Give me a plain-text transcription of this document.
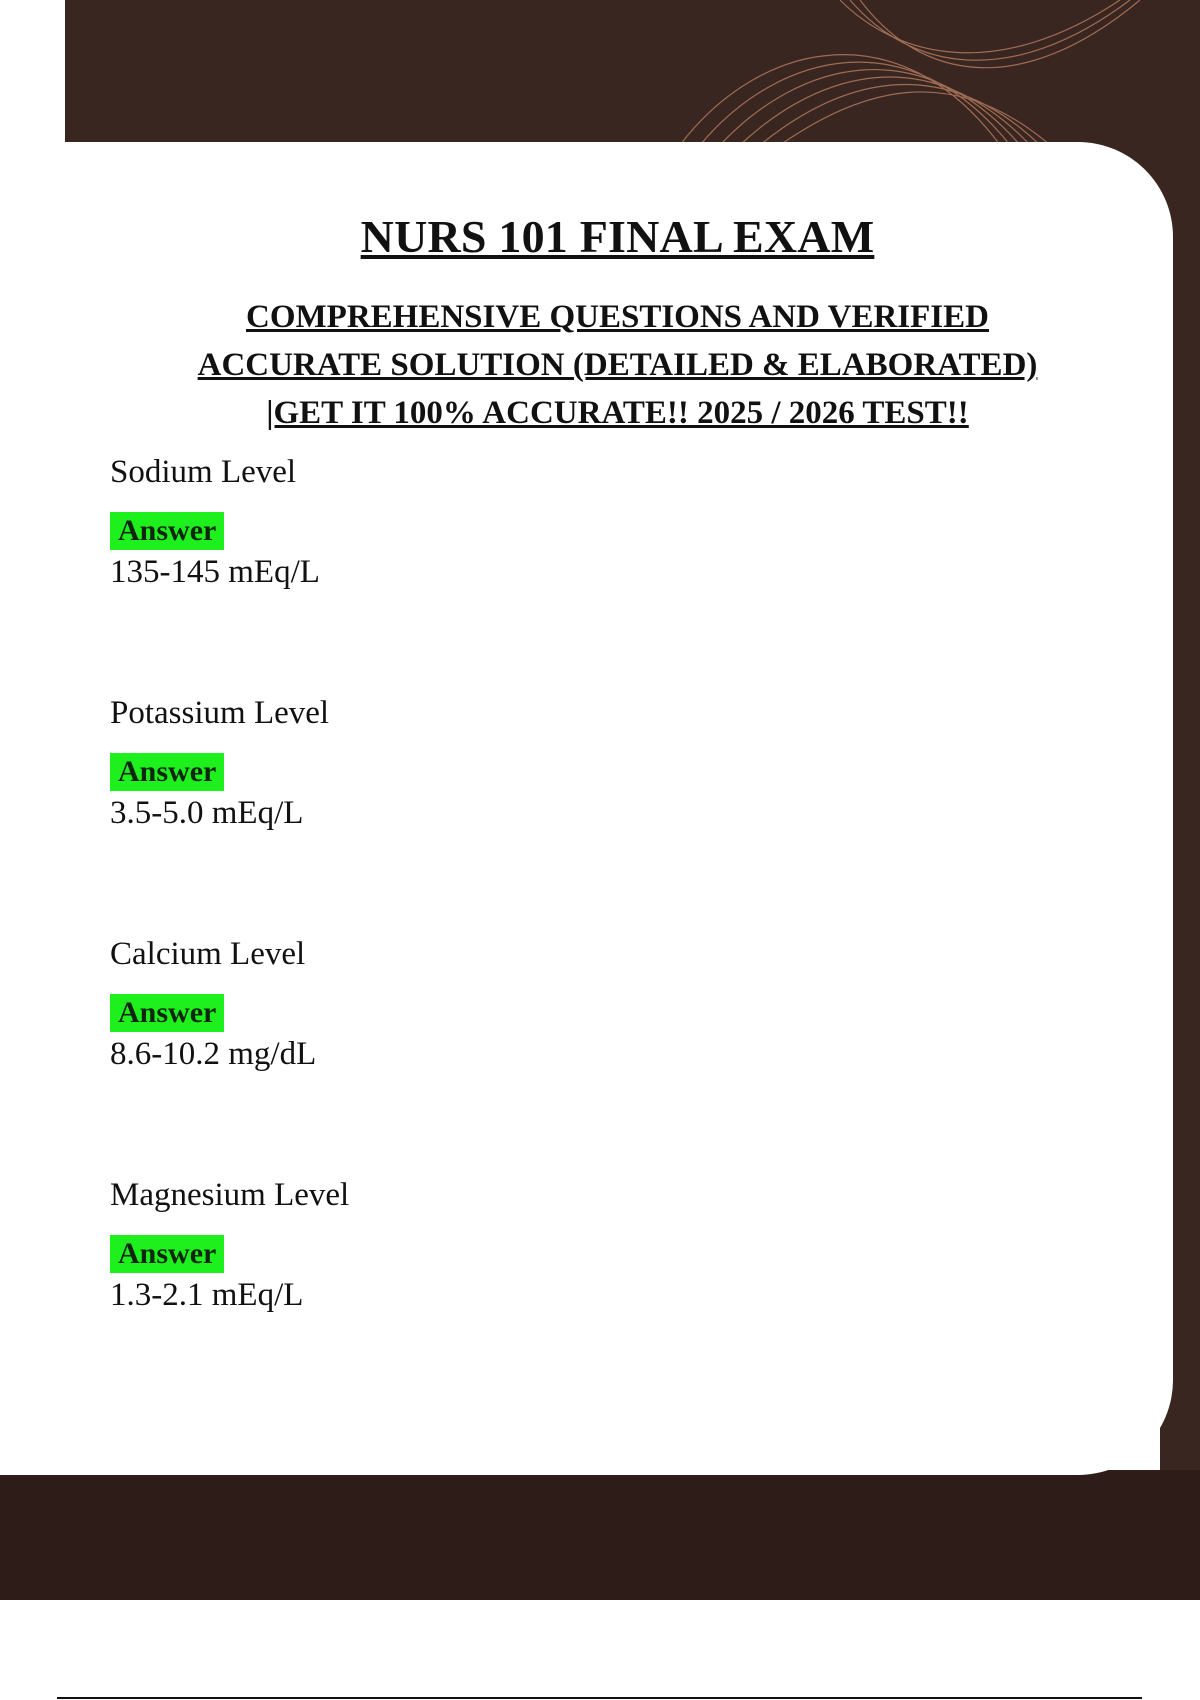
NURS 101 FINAL EXAM
COMPREHENSIVE QUESTIONS AND VERIFIED
ACCURATE SOLUTION (DETAILED & ELABORATED)
|GET IT 100% ACCURATE!! 2025 / 2026 TEST!!
Sodium Level
Answer
135-145 mEq/L
Potassium Level
Answer
3.5-5.0 mEq/L
Calcium Level
Answer
8.6-10.2 mg/dL
Magnesium Level
Answer
1.3-2.1 mEq/L
